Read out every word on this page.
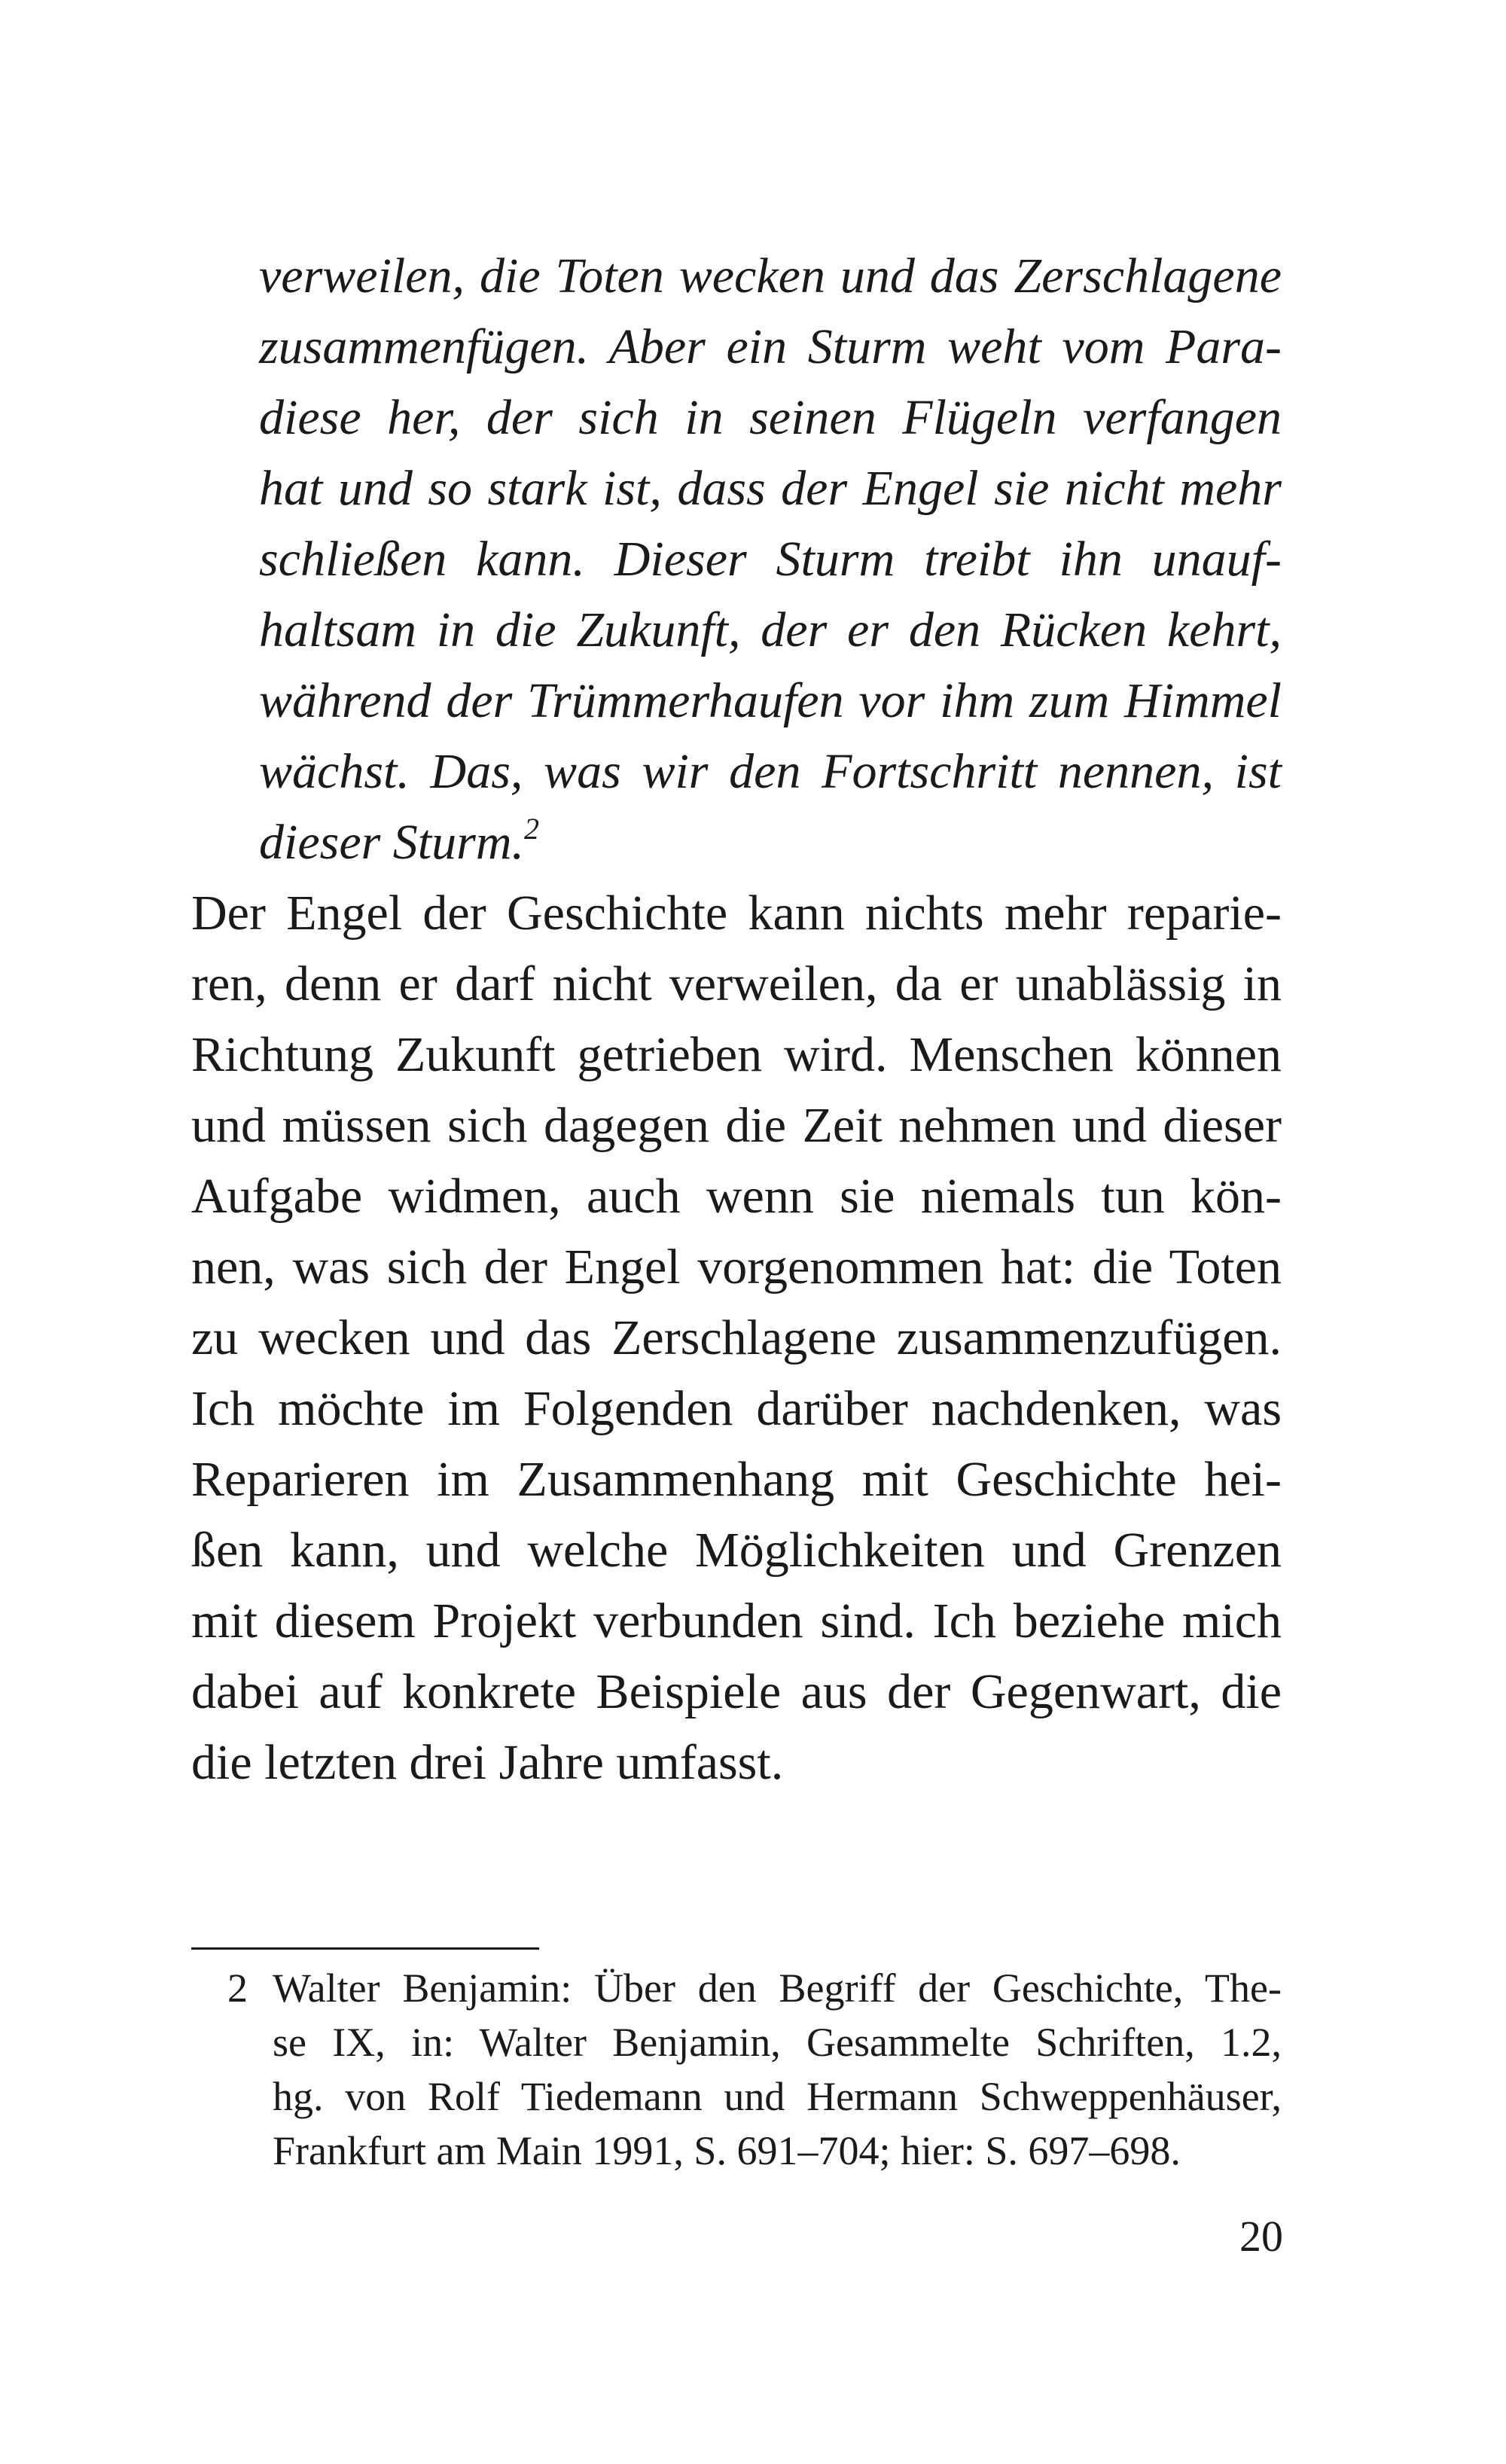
verweilen, die Toten wecken und das Zerschlagene

zusammenfügen. Aber ein Sturm weht vom Para-

diese her, der sich in seinen Flügeln verfangen

hat und so stark ist, dass der Engel sie nicht mehr

schließen kann. Dieser Sturm treibt ihn unauf-

haltsam in die Zukunft, der er den Rücken kehrt,

während der Trümmerhaufen vor ihm zum Himmel

wächst. Das, was wir den Fortschritt nennen, ist

dieser Sturm.$^2$

Der Engel der Geschichte kann nichts mehr reparie-

ren, denn er darf nicht verweilen, da er unablässig in

Richtung Zukunft getrieben wird. Menschen können

und müssen sich dagegen die Zeit nehmen und dieser

Aufgabe widmen, auch wenn sie niemals tun kön-

nen, was sich der Engel vorgenommen hat: die Toten

zu wecken und das Zerschlagene zusammenzufügen.

Ich möchte im Folgenden darüber nachdenken, was

Reparieren im Zusammenhang mit Geschichte hei-

ßen kann, und welche Möglichkeiten und Grenzen

mit diesem Projekt verbunden sind. Ich beziehe mich

dabei auf konkrete Beispiele aus der Gegenwart, die

die letzten drei Jahre umfasst.

2 Walter Benjamin: Über den Begriff der Geschichte, The-

se IX, in: Walter Benjamin, Gesammelte Schriften, 1.2,

hg. von Rolf Tiedemann und Hermann Schweppenhäuser,

Frankfurt am Main 1991, S. 691–704; hier: S. 697–698.

20
